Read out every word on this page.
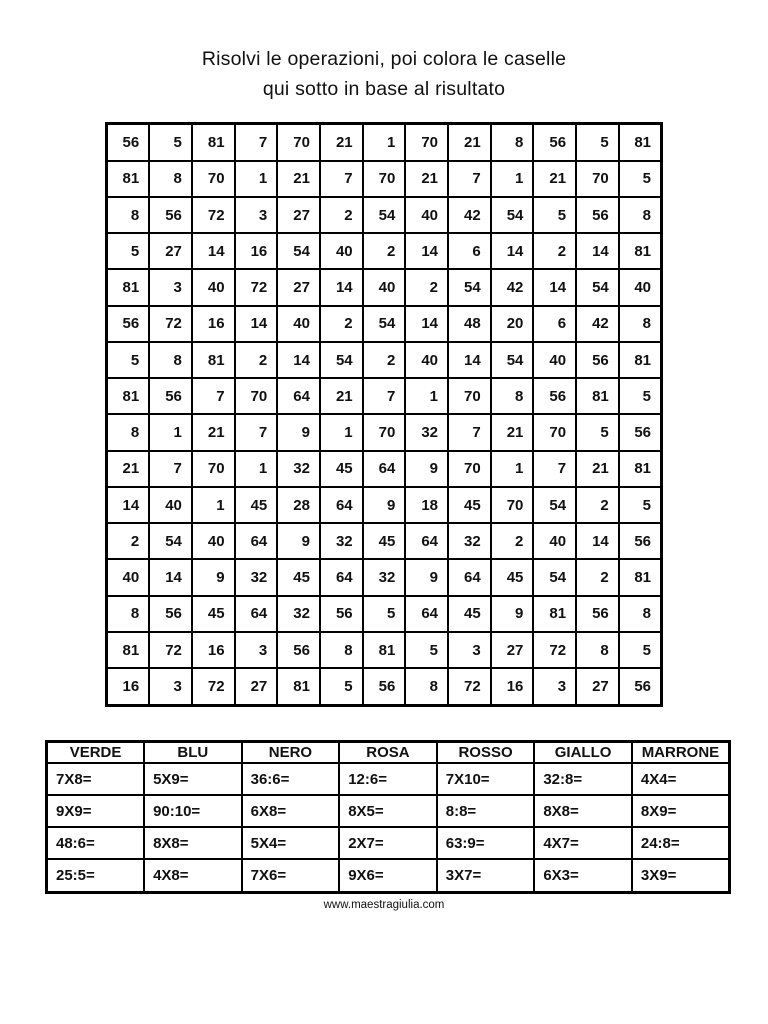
Risolvi le operazioni, poi colora le caselle
qui sotto in base al risultato
56	5	81	7	70	21	1	70	21	8	56	5	81
81	8	70	1	21	7	70	21	7	1	21	70	5
8	56	72	3	27	2	54	40	42	54	5	56	8
5	27	14	16	54	40	2	14	6	14	2	14	81
81	3	40	72	27	14	40	2	54	42	14	54	40
56	72	16	14	40	2	54	14	48	20	6	42	8
5	8	81	2	14	54	2	40	14	54	40	56	81
81	56	7	70	64	21	7	1	70	8	56	81	5
8	1	21	7	9	1	70	32	7	21	70	5	56
21	7	70	1	32	45	64	9	70	1	7	21	81
14	40	1	45	28	64	9	18	45	70	54	2	5
2	54	40	64	9	32	45	64	32	2	40	14	56
40	14	9	32	45	64	32	9	64	45	54	2	81
8	56	45	64	32	56	5	64	45	9	81	56	8
81	72	16	3	56	8	81	5	3	27	72	8	5
16	3	72	27	81	5	56	8	72	16	3	27	56
VERDE	BLU	NERO	ROSA	ROSSO	GIALLO	MARRONE
7X8=	5X9=	36:6=	12:6=	7X10=	32:8=	4X4=
9X9=	90:10=	6X8=	8X5=	8:8=	8X8=	8X9=
48:6=	8X8=	5X4=	2X7=	63:9=	4X7=	24:8=
25:5=	4X8=	7X6=	9X6=	3X7=	6X3=	3X9=
www.maestragiulia.com
